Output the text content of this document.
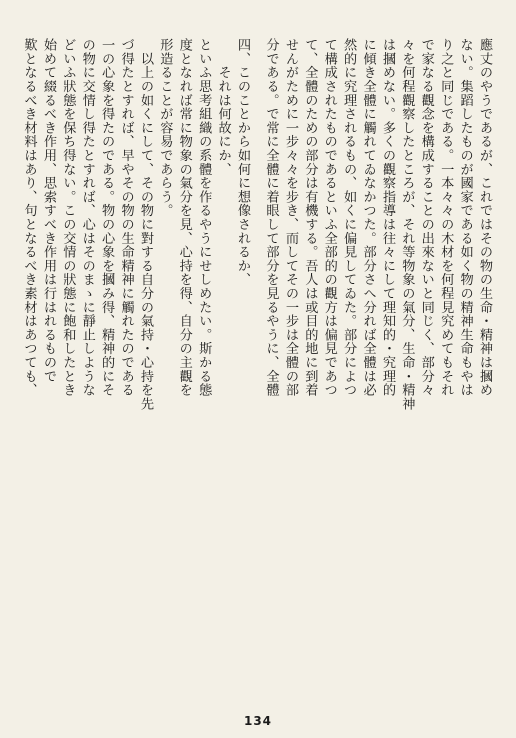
應丈のやうであるが、これではその物の生命・精神は摑め
ない。集蹈したものが國家である如く物の精神生命もやは
り之と同じである。一本々々の木材を何程見究めてもそれ
で家なる觀念を構成することの出來ないと同じく、部分々
々を何程觀察したところが、それ等物象の氣分、生命・精神
は摑めない。多くの觀察指導は往々にして理知的・究理的
に傾き全體に觸れてゐなかつた。部分さへ分れば全體は必
然的に究理されるもの、如くに偏見してゐた。部分によつ
て構成されたものであるといふ全部的の觀方は偏見であつ
て、全體のための部分は有機する。吾人は或目的地に到着
せんがために一步々々を步き、而してその一步は全體の部
分である。で常に全體に着眼して部分を見るやうに、全體
四、このことから如何に想像されるか、
　　それは何故にか、
といふ思考組織の系體を作るやうにせしめたい。斯かる態
度となれば常に物象の氣分を見、心持を得、自分の主觀を
形造ることが容易であらう。
　以上の如くにして、その物に對する自分の氣持・心持を先
づ得たとすれば、早やその物の生命精神に觸れたのである
一の心象を得たのである。物の心象を摑み得、精神的にそ
の物に交情し得たとすれば、心はそのまゝに靜止しような
どいふ狀態を保ち得ない。この交情の狀態に飽和したとき
始めて綴るべき作用、思索すべき作用は行はれるもので
歎となるべき材料はあり、句となるべき素材はあつても、
134
